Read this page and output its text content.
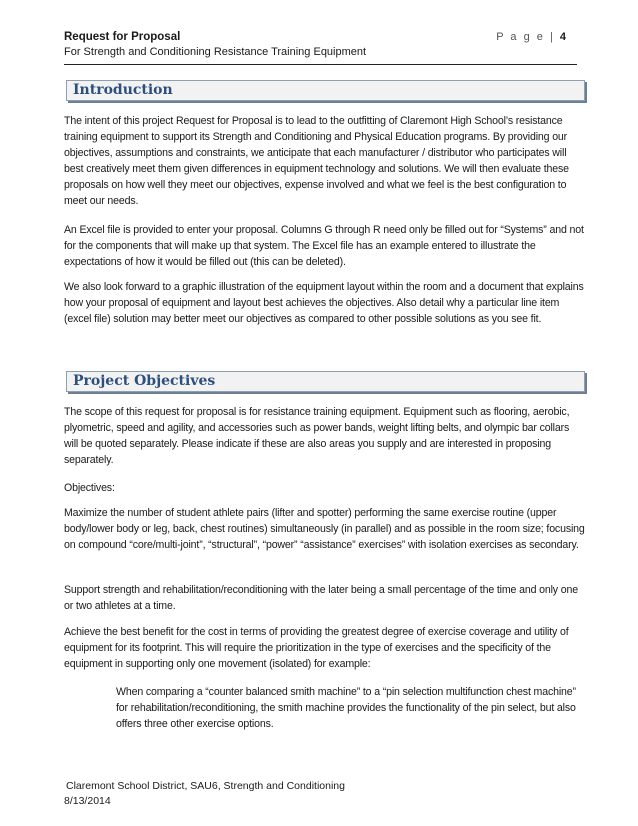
Request for Proposal
For Strength and Conditioning Resistance Training Equipment
P a g e | 4
Introduction

The intent of this project Request for Proposal is to lead to the outfitting of Claremont High School’s resistance training equipment to support its Strength and Conditioning and Physical Education programs. By providing our objectives, assumptions and constraints, we anticipate that each manufacturer / distributor who participates will best creatively meet them given differences in equipment technology and solutions. We will then evaluate these proposals on how well they meet our objectives, expense involved and what we feel is the best configuration to meet our needs.

An Excel file is provided to enter your proposal. Columns G through R need only be filled out for “Systems” and not for the components that will make up that system. The Excel file has an example entered to illustrate the expectations of how it would be filled out (this can be deleted).

We also look forward to a graphic illustration of the equipment layout within the room and a document that explains how your proposal of equipment and layout best achieves the objectives. Also detail why a particular line item (excel file) solution may better meet our objectives as compared to other possible solutions as you see fit.

Project Objectives

The scope of this request for proposal is for resistance training equipment. Equipment such as flooring, aerobic, plyometric, speed and agility, and accessories such as power bands, weight lifting belts, and olympic bar collars will be quoted separately. Please indicate if these are also areas you supply and are interested in proposing separately.

Objectives:

Maximize the number of student athlete pairs (lifter and spotter) performing the same exercise routine (upper body/lower body or leg, back, chest routines) simultaneously (in parallel) and as possible in the room size; focusing on compound “core/multi-joint”, “structural”, “power” “assistance” exercises” with isolation exercises as secondary.

Support strength and rehabilitation/reconditioning with the later being a small percentage of the time and only one or two athletes at a time.

Achieve the best benefit for the cost in terms of providing the greatest degree of exercise coverage and utility of equipment for its footprint. This will require the prioritization in the type of exercises and the specificity of the equipment in supporting only one movement (isolated) for example:

When comparing a “counter balanced smith machine” to a “pin selection multifunction chest machine” for rehabilitation/reconditioning, the smith machine provides the functionality of the pin select, but also offers three other exercise options.

Claremont School District, SAU6, Strength and Conditioning
8/13/2014
